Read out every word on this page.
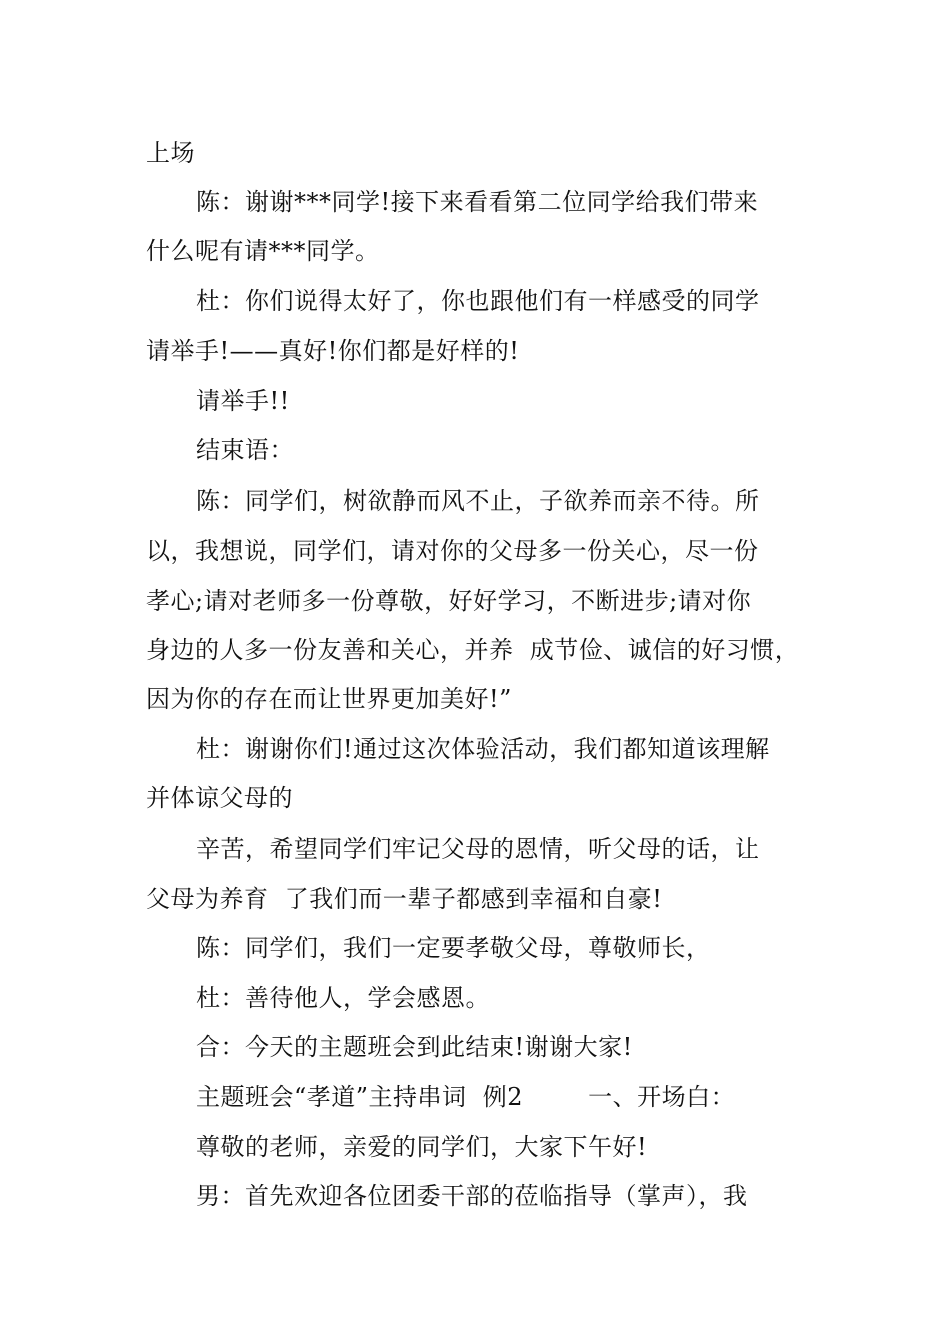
上场
陈：谢谢***同学!接下来看看第二位同学给我们带来
什么呢有请***同学。
杜：你们说得太好了，你也跟他们有一样感受的同学
请举手!——真好!你们都是好样的!
请举手!!
结束语：
陈：同学们，树欲静而风不止，子欲养而亲不待。所
以，我想说，同学们，请对你的父母多一份关心，尽一份
孝心;请对老师多一份尊敬，好好学习，不断进步;请对你
身边的人多一份友善和关心，并养  成节俭、诚信的好习惯，
因为你的存在而让世界更加美好!”
杜：谢谢你们!通过这次体验活动，我们都知道该理解
并体谅父母的
辛苦，希望同学们牢记父母的恩情，听父母的话，让
父母为养育  了我们而一辈子都感到幸福和自豪!
陈：同学们，我们一定要孝敬父母，尊敬师长，
杜：善待他人，学会感恩。
合：今天的主题班会到此结束!谢谢大家!
主题班会“孝道”主持串词  例2        一、开场白：
尊敬的老师，亲爱的同学们，大家下午好!
男：首先欢迎各位团委干部的莅临指导（掌声），我
